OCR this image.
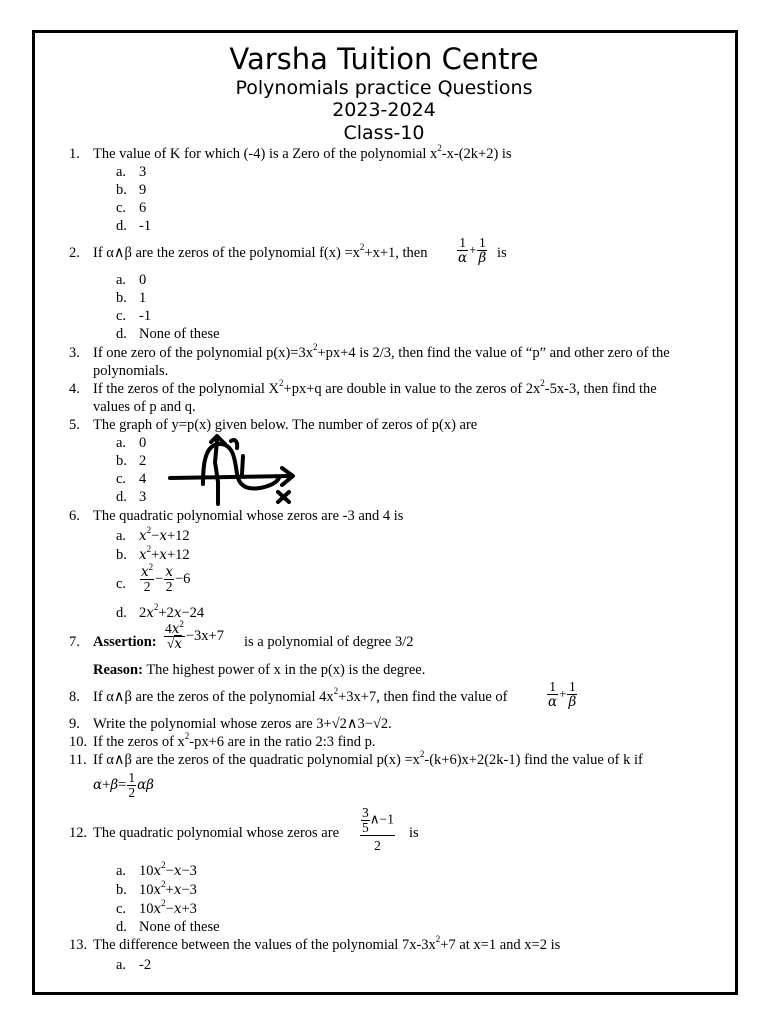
Varsha Tuition Centre
Polynomials practice Questions
2023-2024
Class-10
1. The value of K for which (-4) is a Zero of the polynomial $x^2-x-(2k+2)$ is
a. 3
b. 9
c. 6
d. -1
2. If α∧β are the zeros of the polynomial $f(x) =x^2+x+1$, then $\frac{1}{\alpha} + \frac{1}{\beta}$ is
a. 0
b. 1
c. -1
d. None of these
3. If one zero of the polynomial $p(x)=3x^2+px+4$ is 2/3, then find the value of “p” and other zero of the
polynomials.
4. If the zeros of the polynomial $X^2+px+q$ are double in value to the zeros of $2x^2-5x-3$, then find the
values of p and q.
5. The graph of y=p(x) given below. The number of zeros of p(x) are
a. 0
b. 2
c. 4
d. 3
6. The quadratic polynomial whose zeros are -3 and 4 is
a. $x^2-x+12$
b. $x^2+x+12$
c. $\frac{x^2}{2} - \frac{x}{2} -6$
d. $2x^2+2x-24$
7. Assertion: $\frac{4x^2}{√x} -3x+7$ is a polynomial of degree 3/2
Reason: The highest power of x in the p(x) is the degree.
8. If α∧β are the zeros of the polynomial $4x^2+3x+7$, then find the value of	$\frac{1}{\alpha} + \frac{1}{\beta}$
9. Write the polynomial whose zeros are 3+√2∧3−√2.
10. If the zeros of $x^2-px+6$ are in the ratio 2:3 find p.
11. If α∧β are the zeros of the quadratic polynomial $p(x) =x^2-(k+6)x+2(2k-1)$ find the value of k if
$\alpha+\beta= \frac{1}{2}$ αβ
12. The quadratic polynomial whose zeros are $\frac{\frac{3}{5} \wedge-1}{2}$ is
a. $10x^2-x-3$
b. $10x^2+x-3$
c. $10x^2-x+3$
d. None of these
13. The difference between the values of the polynomial $7x-3x^2+7$ at x=1 and x=2 is
a. -2
